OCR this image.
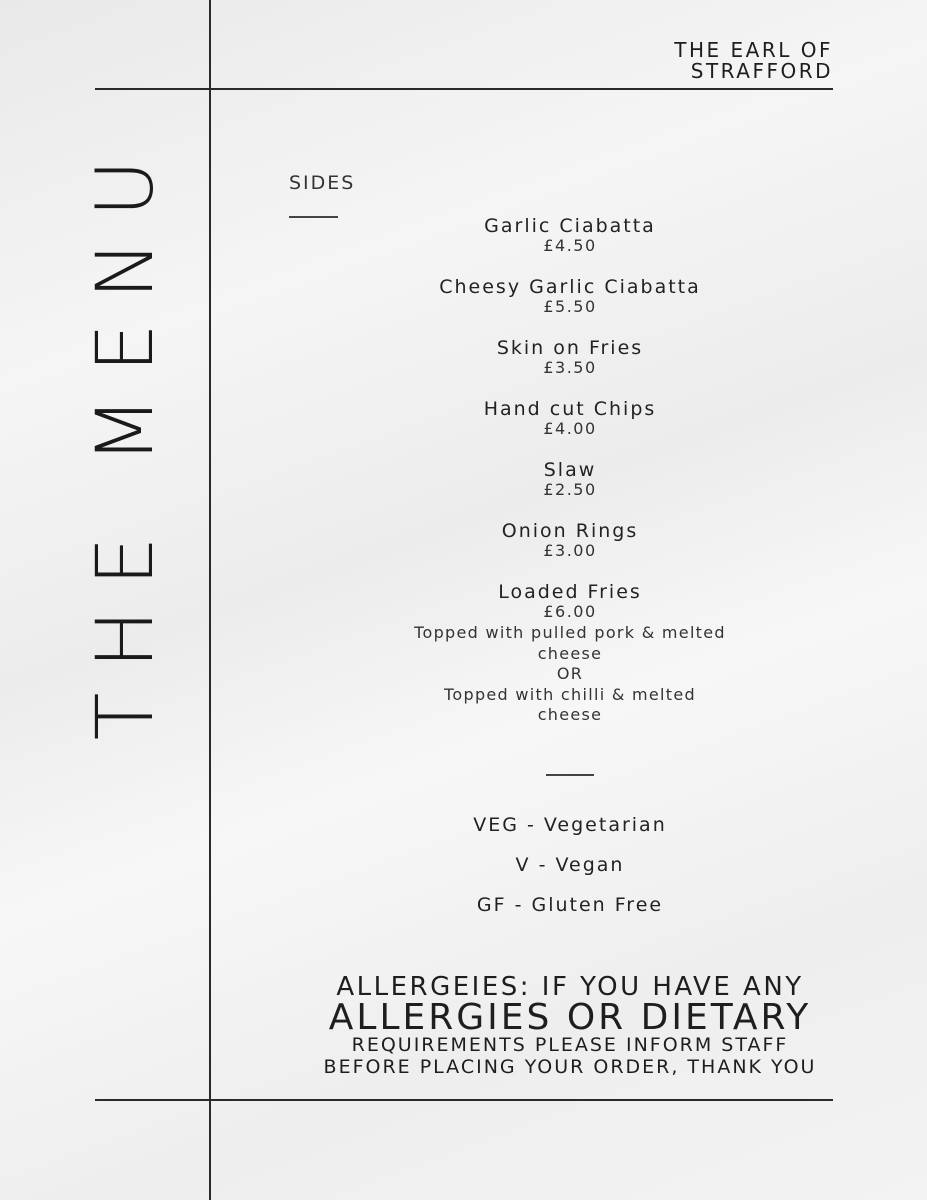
THE EARL OF
STRAFFORD
THE MENU	SIDES
Garlic Ciabatta
£4.50
Cheesy Garlic Ciabatta
£5.50
Skin on Fries
£3.50
Hand cut Chips
£4.00
Slaw
£2.50
Onion Rings
£3.00
Loaded Fries
£6.00
Topped with pulled pork & melted
cheese
OR
Topped with chilli & melted
cheese
VEG - Vegetarian
V - Vegan
GF - Gluten Free
ALLERGEIES: IF YOU HAVE ANY
ALLERGIES OR DIETARY
REQUIREMENTS PLEASE INFORM STAFF
BEFORE PLACING YOUR ORDER, THANK YOU
